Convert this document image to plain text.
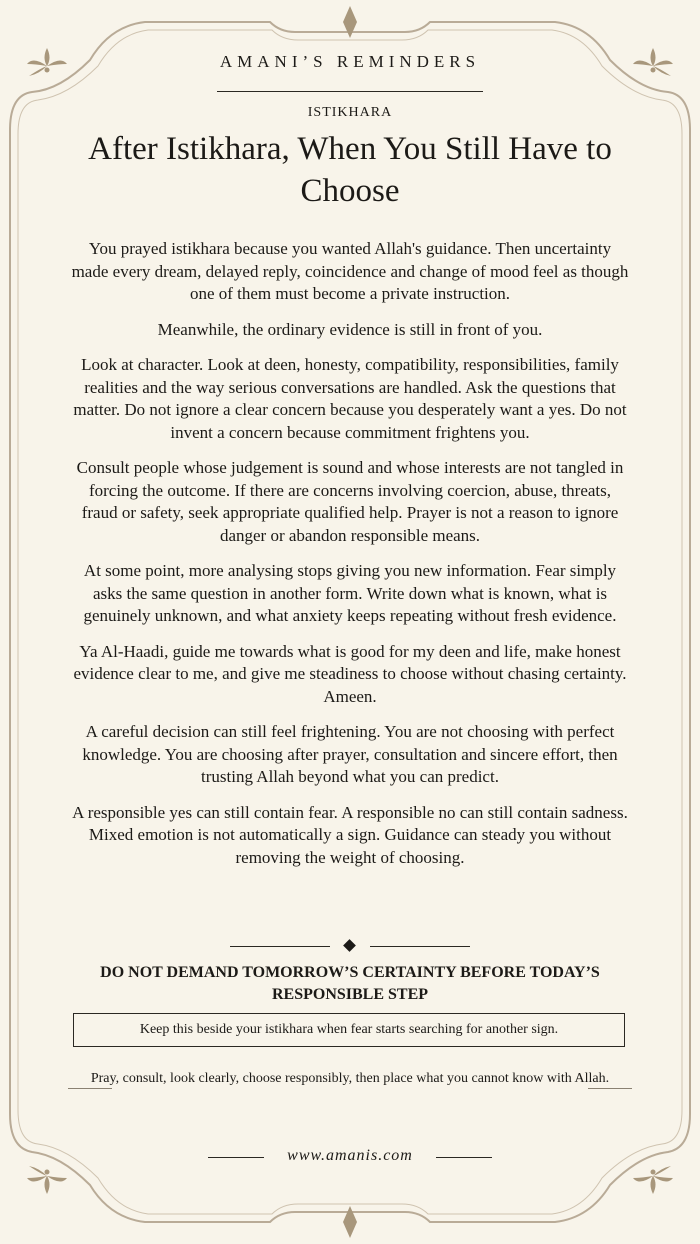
AMANI’S REMINDERS
ISTIKHARA
After Istikhara, When You Still Have to Choose

You prayed istikhara because you wanted Allah's guidance. Then uncertainty made every dream, delayed reply, coincidence and change of mood feel as though one of them must become a private instruction.

Meanwhile, the ordinary evidence is still in front of you.

Look at character. Look at deen, honesty, compatibility, responsibilities, family realities and the way serious conversations are handled. Ask the questions that matter. Do not ignore a clear concern because you desperately want a yes. Do not invent a concern because commitment frightens you.

Consult people whose judgement is sound and whose interests are not tangled in forcing the outcome. If there are concerns involving coercion, abuse, threats, fraud or safety, seek appropriate qualified help. Prayer is not a reason to ignore danger or abandon responsible means.

At some point, more analysing stops giving you new information. Fear simply asks the same question in another form. Write down what is known, what is genuinely unknown, and what anxiety keeps repeating without fresh evidence.

Ya Al-Haadi, guide me towards what is good for my deen and life, make honest evidence clear to me, and give me steadiness to choose without chasing certainty. Ameen.

A careful decision can still feel frightening. You are not choosing with perfect knowledge. You are choosing after prayer, consultation and sincere effort, then trusting Allah beyond what you can predict.

A responsible yes can still contain fear. A responsible no can still contain sadness. Mixed emotion is not automatically a sign. Guidance can steady you without removing the weight of choosing.

DO NOT DEMAND TOMORROW’S CERTAINTY BEFORE TODAY’S RESPONSIBLE STEP
Keep this beside your istikhara when fear starts searching for another sign.
Pray, consult, look clearly, choose responsibly, then place what you cannot know with Allah.
www.amanis.com
